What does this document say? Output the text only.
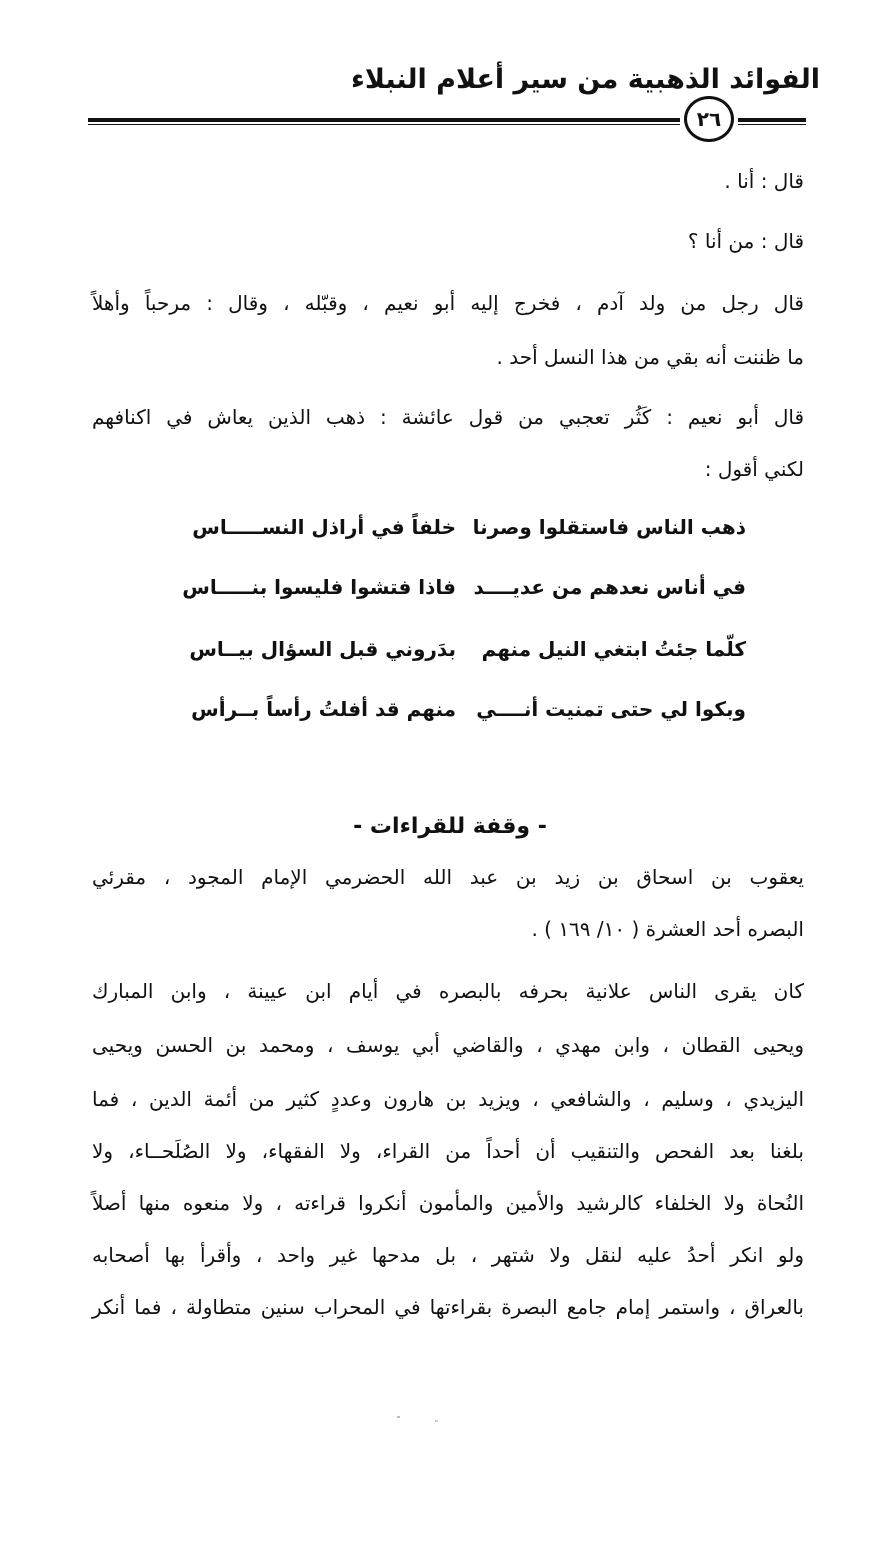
الفوائد الذهبية من سير أعلام النبلاء
٢٦
قال : أنا .
قال : من أنا ؟
قال رجل من ولد آدم ، فخرج إليه أبو نعيم ، وقبّله ، وقال : مرحباً وأهلاً
ما ظننت أنه بقي من هذا النسل أحد .
قال أبو نعيم : كَثُر تعجبي من قول عائشة : ذهب الذين يعاش في اكنافهم
لكني أقول :
ذهب الناس فاستقلوا وصرنا
خلفاً في أراذل النســـــاس
في أناس نعدهم من عديــــد
فاذا فتشوا فليسوا بنـــــاس
كلّما جئتُ ابتغي النيل منهم
بدَروني قبل السؤال بيــاس
وبكوا لي حتى تمنيت أنــــي
منهم قد أفلتُ رأساً بــرأس
- وقفة للقراءات -
يعقوب بن اسحاق بن زيد بن عبد الله الحضرمي الإمام المجود ، مقرئي
البصره أحد العشرة ( ١٠/ ١٦٩ ) .
كان يقرى الناس علانية بحرفه بالبصره في أيام ابن عيينة ، وابن المبارك
ويحيى القطان ، وابن مهدي ، والقاضي أبي يوسف ، ومحمد بن الحسن ويحيى
اليزيدي ، وسليم ، والشافعي ، ويزيد بن هارون وعددٍ كثير من أئمة الدين ، فما
بلغنا بعد الفحص والتنقيب أن أحداً من القراء، ولا الفقهاء، ولا الصُلَحــاء، ولا
النُحاة ولا الخلفاء كالرشيد والأمين والمأمون أنكروا قراءته ، ولا منعوه منها أصلاً
ولو انكر أحدُ عليه لنقل ولا شتهر ، بل مدحها غير واحد ، وأقرأ بها أصحابه
بالعراق ، واستمر إمام جامع البصرة بقراءتها في المحراب سنين متطاولة ، فما أنكر
